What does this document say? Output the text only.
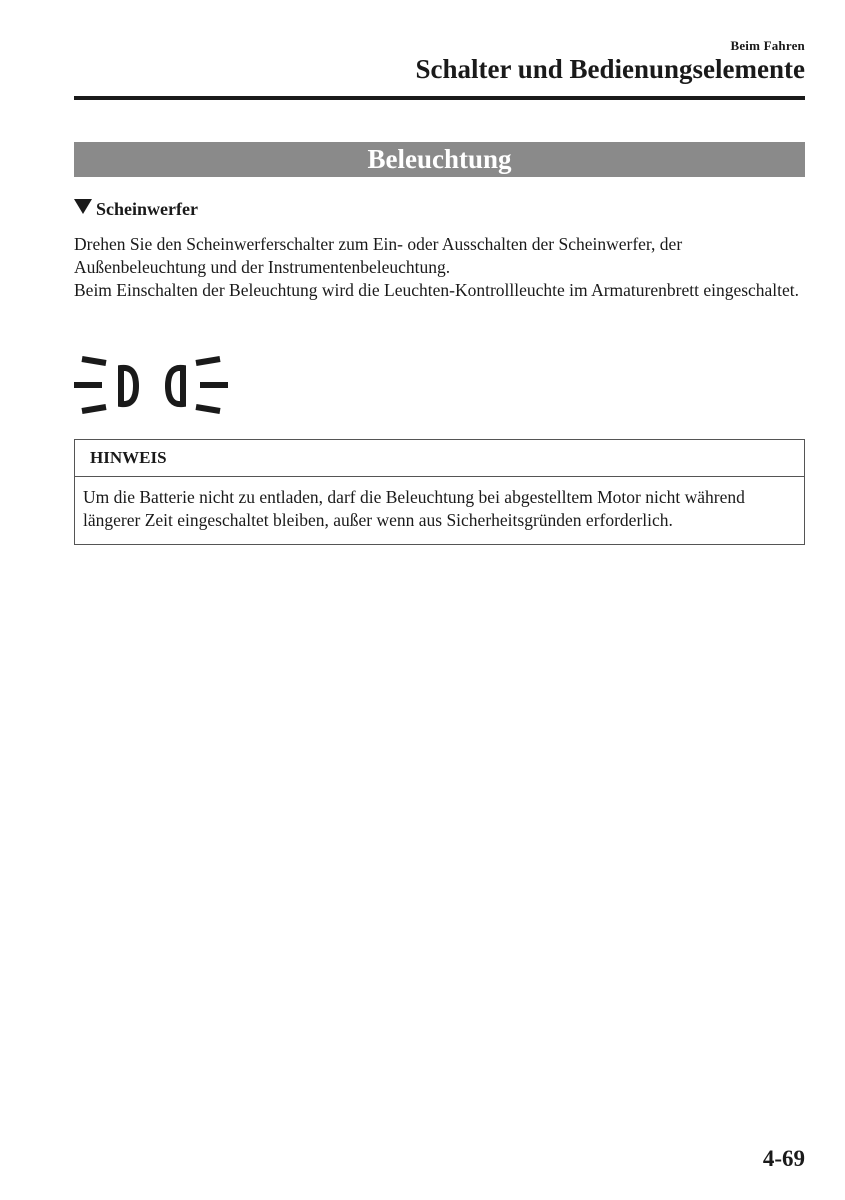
Beim Fahren
Schalter und Bedienungselemente
Beleuchtung
Scheinwerfer

Drehen Sie den Scheinwerferschalter zum Ein- oder Ausschalten der Scheinwerfer, der Außenbeleuchtung und der Instrumentenbeleuchtung.

Beim Einschalten der Beleuchtung wird die Leuchten-Kontrollleuchte im Armaturenbrett eingeschaltet.

HINWEIS
Um die Batterie nicht zu entladen, darf die Beleuchtung bei abgestelltem Motor nicht während längerer Zeit eingeschaltet bleiben, außer wenn aus Sicherheitsgründen erforderlich.
4-69
